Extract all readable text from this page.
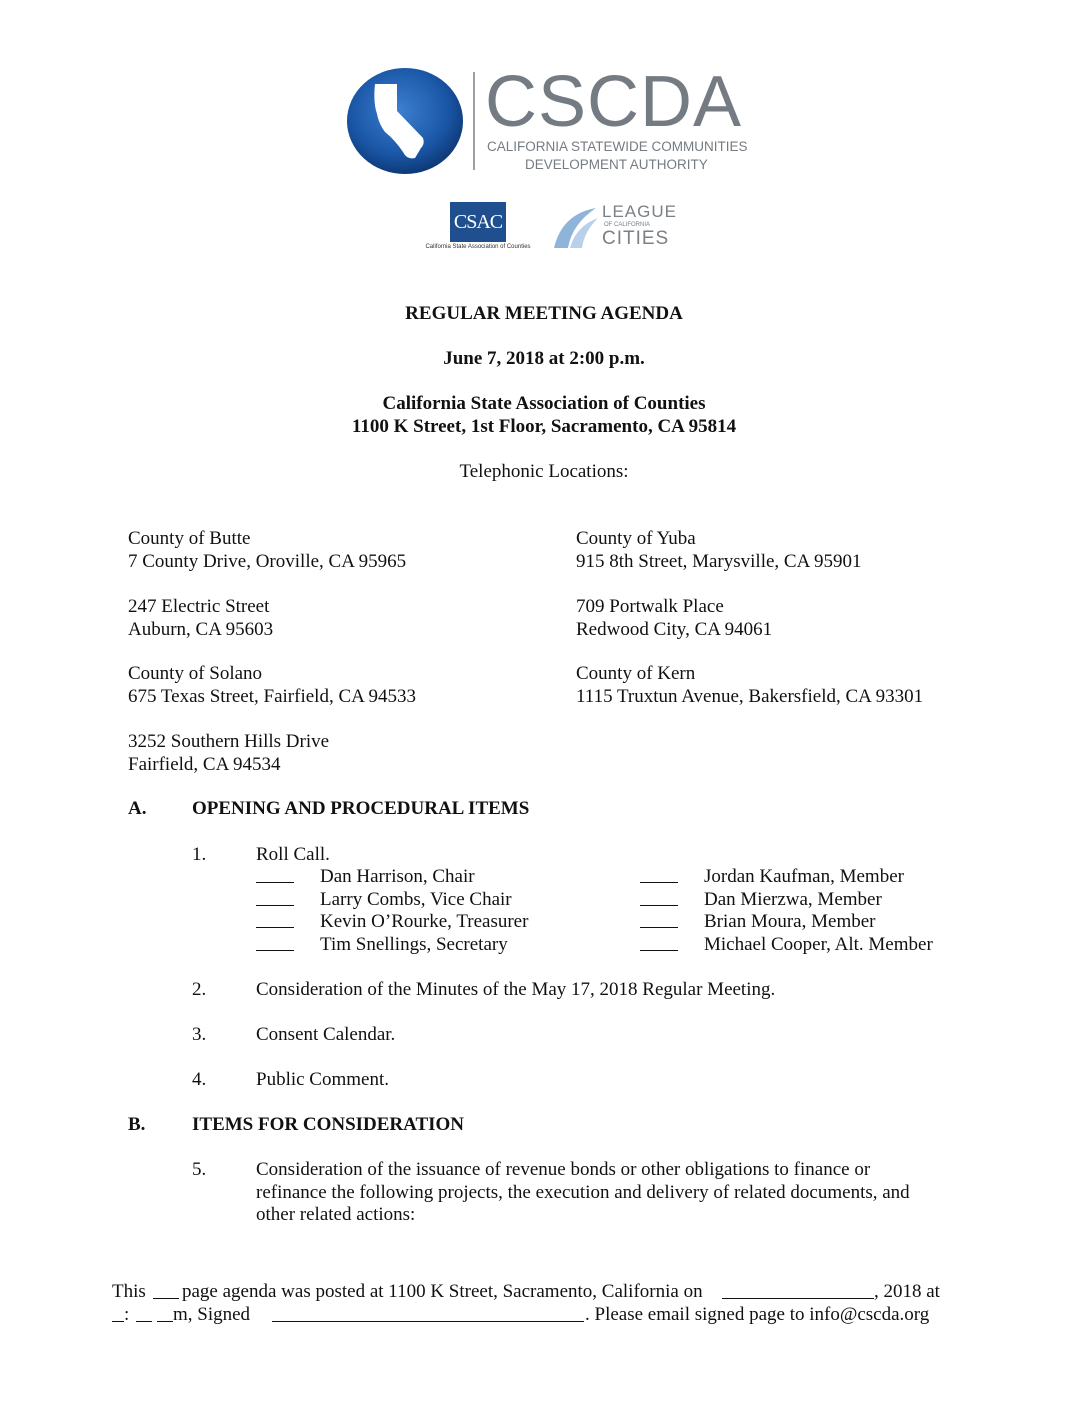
CSCDA
CALIFORNIA STATEWIDE COMMUNITIES
DEVELOPMENT AUTHORITY
CSAC
California State Association of Counties
LEAGUE
OF CALIFORNIA
CITIES
REGULAR MEETING AGENDA
June 7, 2018 at 2:00 p.m.
California State Association of Counties
1100 K Street, 1st Floor, Sacramento, CA 95814
Telephonic Locations:
County of Butte
7 County Drive, Oroville, CA 95965
County of Yuba
915 8th Street, Marysville, CA 95901
247 Electric Street
Auburn, CA 95603
709 Portwalk Place
Redwood City, CA 94061
County of Solano
675 Texas Street, Fairfield, CA 94533
County of Kern
1115 Truxtun Avenue, Bakersfield, CA 93301
3252 Southern Hills Drive
Fairfield, CA 94534
A. OPENING AND PROCEDURAL ITEMS
1.	Roll Call.
Dan Harrison, Chair
Larry Combs, Vice Chair
Kevin O’Rourke, Treasurer
Tim Snellings, Secretary
Jordan Kaufman, Member
Dan Mierzwa, Member
Brian Moura, Member
Michael Cooper, Alt. Member
2.	Consideration of the Minutes of the May 17, 2018 Regular Meeting.
3.	Consent Calendar.
4.	Public Comment.
B. ITEMS FOR CONSIDERATION
5.	Consideration of the issuance of revenue bonds or other obligations to finance or
refinance the following projects, the execution and delivery of related documents, and
other related actions:
This page agenda was posted at 1100 K Street, Sacramento, California on	, 2018 at
: m, Signed	. Please email signed page to info@cscda.org
